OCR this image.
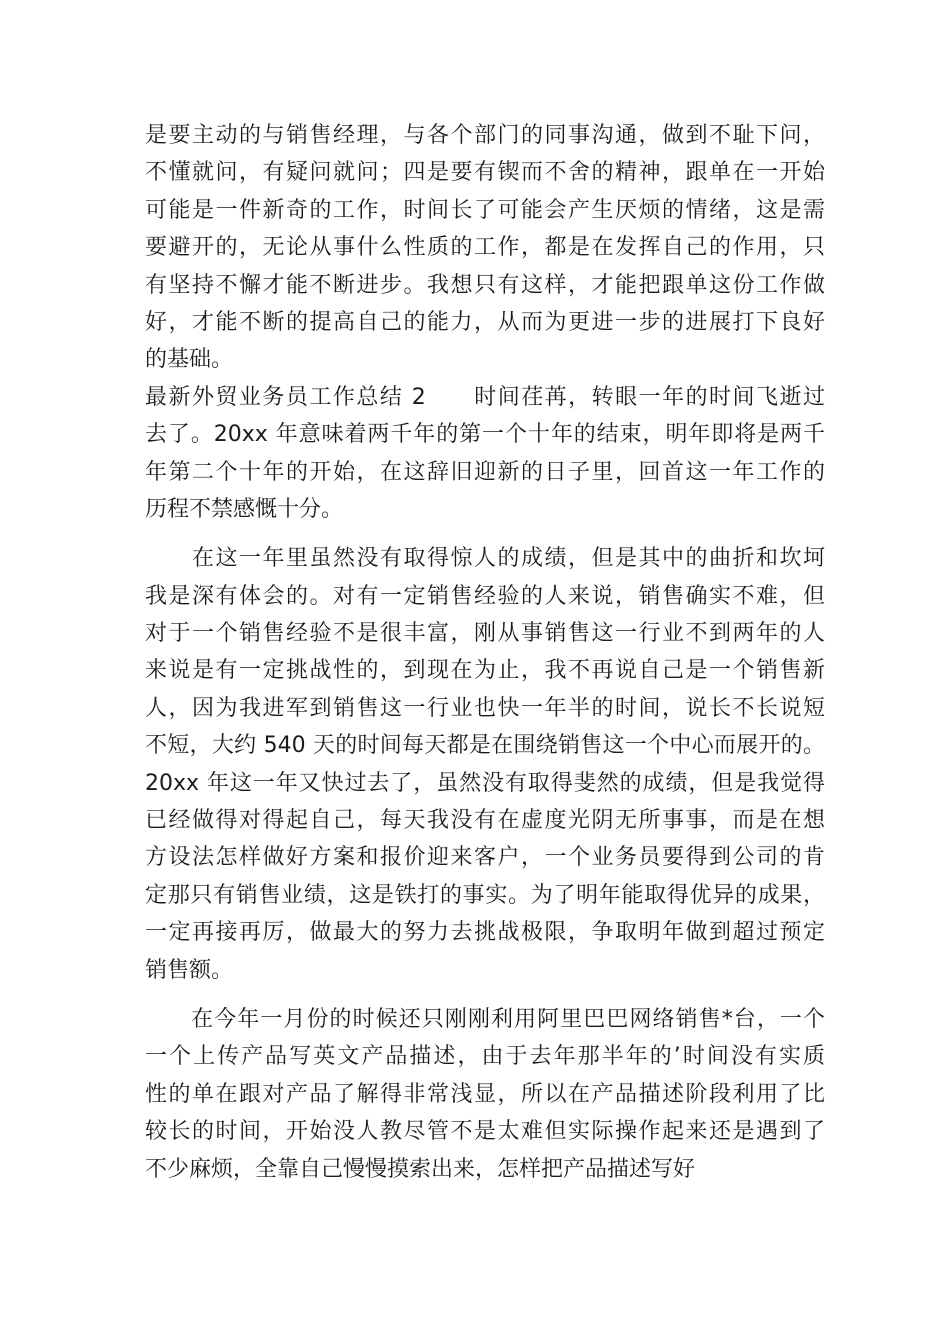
是要主动的与销售经理，与各个部门的同事沟通，做到不耻下问，
不懂就问，有疑问就问；四是要有锲而不舍的精神，跟单在一开始
可能是一件新奇的工作，时间长了可能会产生厌烦的情绪，这是需
要避开的，无论从事什么性质的工作，都是在发挥自己的作用，只
有坚持不懈才能不断进步。我想只有这样，才能把跟单这份工作做
好，才能不断的提高自己的能力，从而为更进一步的进展打下良好
的基础。
最新外贸业务员工作总结 2　　时间荏苒，转眼一年的时间飞逝过
去了。20xx 年意味着两千年的第一个十年的结束，明年即将是两千
年第二个十年的开始，在这辞旧迎新的日子里，回首这一年工作的
历程不禁感慨十分。
　　在这一年里虽然没有取得惊人的成绩，但是其中的曲折和坎坷
我是深有体会的。对有一定销售经验的人来说，销售确实不难，但
对于一个销售经验不是很丰富，刚从事销售这一行业不到两年的人
来说是有一定挑战性的，到现在为止，我不再说自己是一个销售新
人，因为我进军到销售这一行业也快一年半的时间，说长不长说短
不短，大约 540 天的时间每天都是在围绕销售这一个中心而展开的。
20xx 年这一年又快过去了，虽然没有取得斐然的成绩，但是我觉得
已经做得对得起自己，每天我没有在虚度光阴无所事事，而是在想
方设法怎样做好方案和报价迎来客户，一个业务员要得到公司的肯
定那只有销售业绩，这是铁打的事实。为了明年能取得优异的成果，
一定再接再厉，做最大的努力去挑战极限，争取明年做到超过预定
销售额。
　　在今年一月份的时候还只刚刚利用阿里巴巴网络销售*台，一个
一个上传产品写英文产品描述，由于去年那半年的’时间没有实质
性的单在跟对产品了解得非常浅显，所以在产品描述阶段利用了比
较长的时间，开始没人教尽管不是太难但实际操作起来还是遇到了
不少麻烦，全靠自己慢慢摸索出来，怎样把产品描述写好
